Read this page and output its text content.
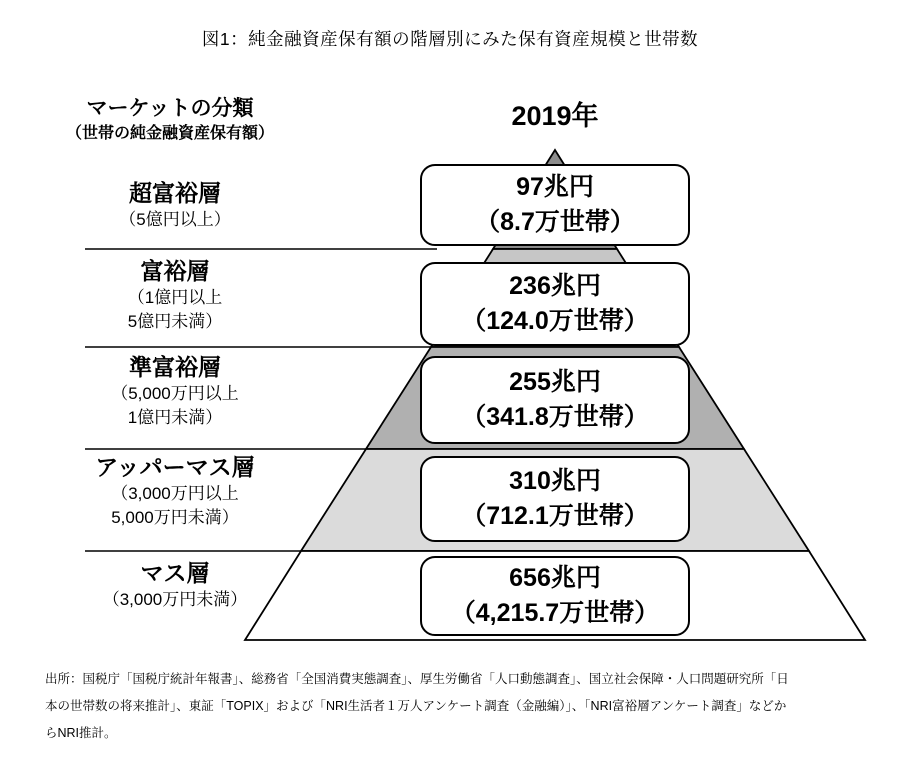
図1：純金融資産保有額の階層別にみた保有資産規模と世帯数
マーケットの分類
（世帯の純金融資産保有額）
2019年
超富裕層
（5億円以上）
富裕層
（1億円以上
5億円未満）
準富裕層
（5,000万円以上
1億円未満）
アッパーマス層
（3,000万円以上
5,000万円未満）
マス層
（3,000万円未満）
97兆円
（8.7万世帯）
236兆円
（124.0万世帯）
255兆円
（341.8万世帯）
310兆円
（712.1万世帯）
656兆円
（4,215.7万世帯）
出所：国税庁「国税庁統計年報書」、総務省「全国消費実態調査」、厚生労働省「人口動態調査」、国立社会保障・人口問題研究所「日
本の世帯数の将来推計」、東証「TOPIX」および「NRI生活者１万人アンケート調査（金融編）」、「NRI富裕層アンケート調査」などか
らNRI推計。
